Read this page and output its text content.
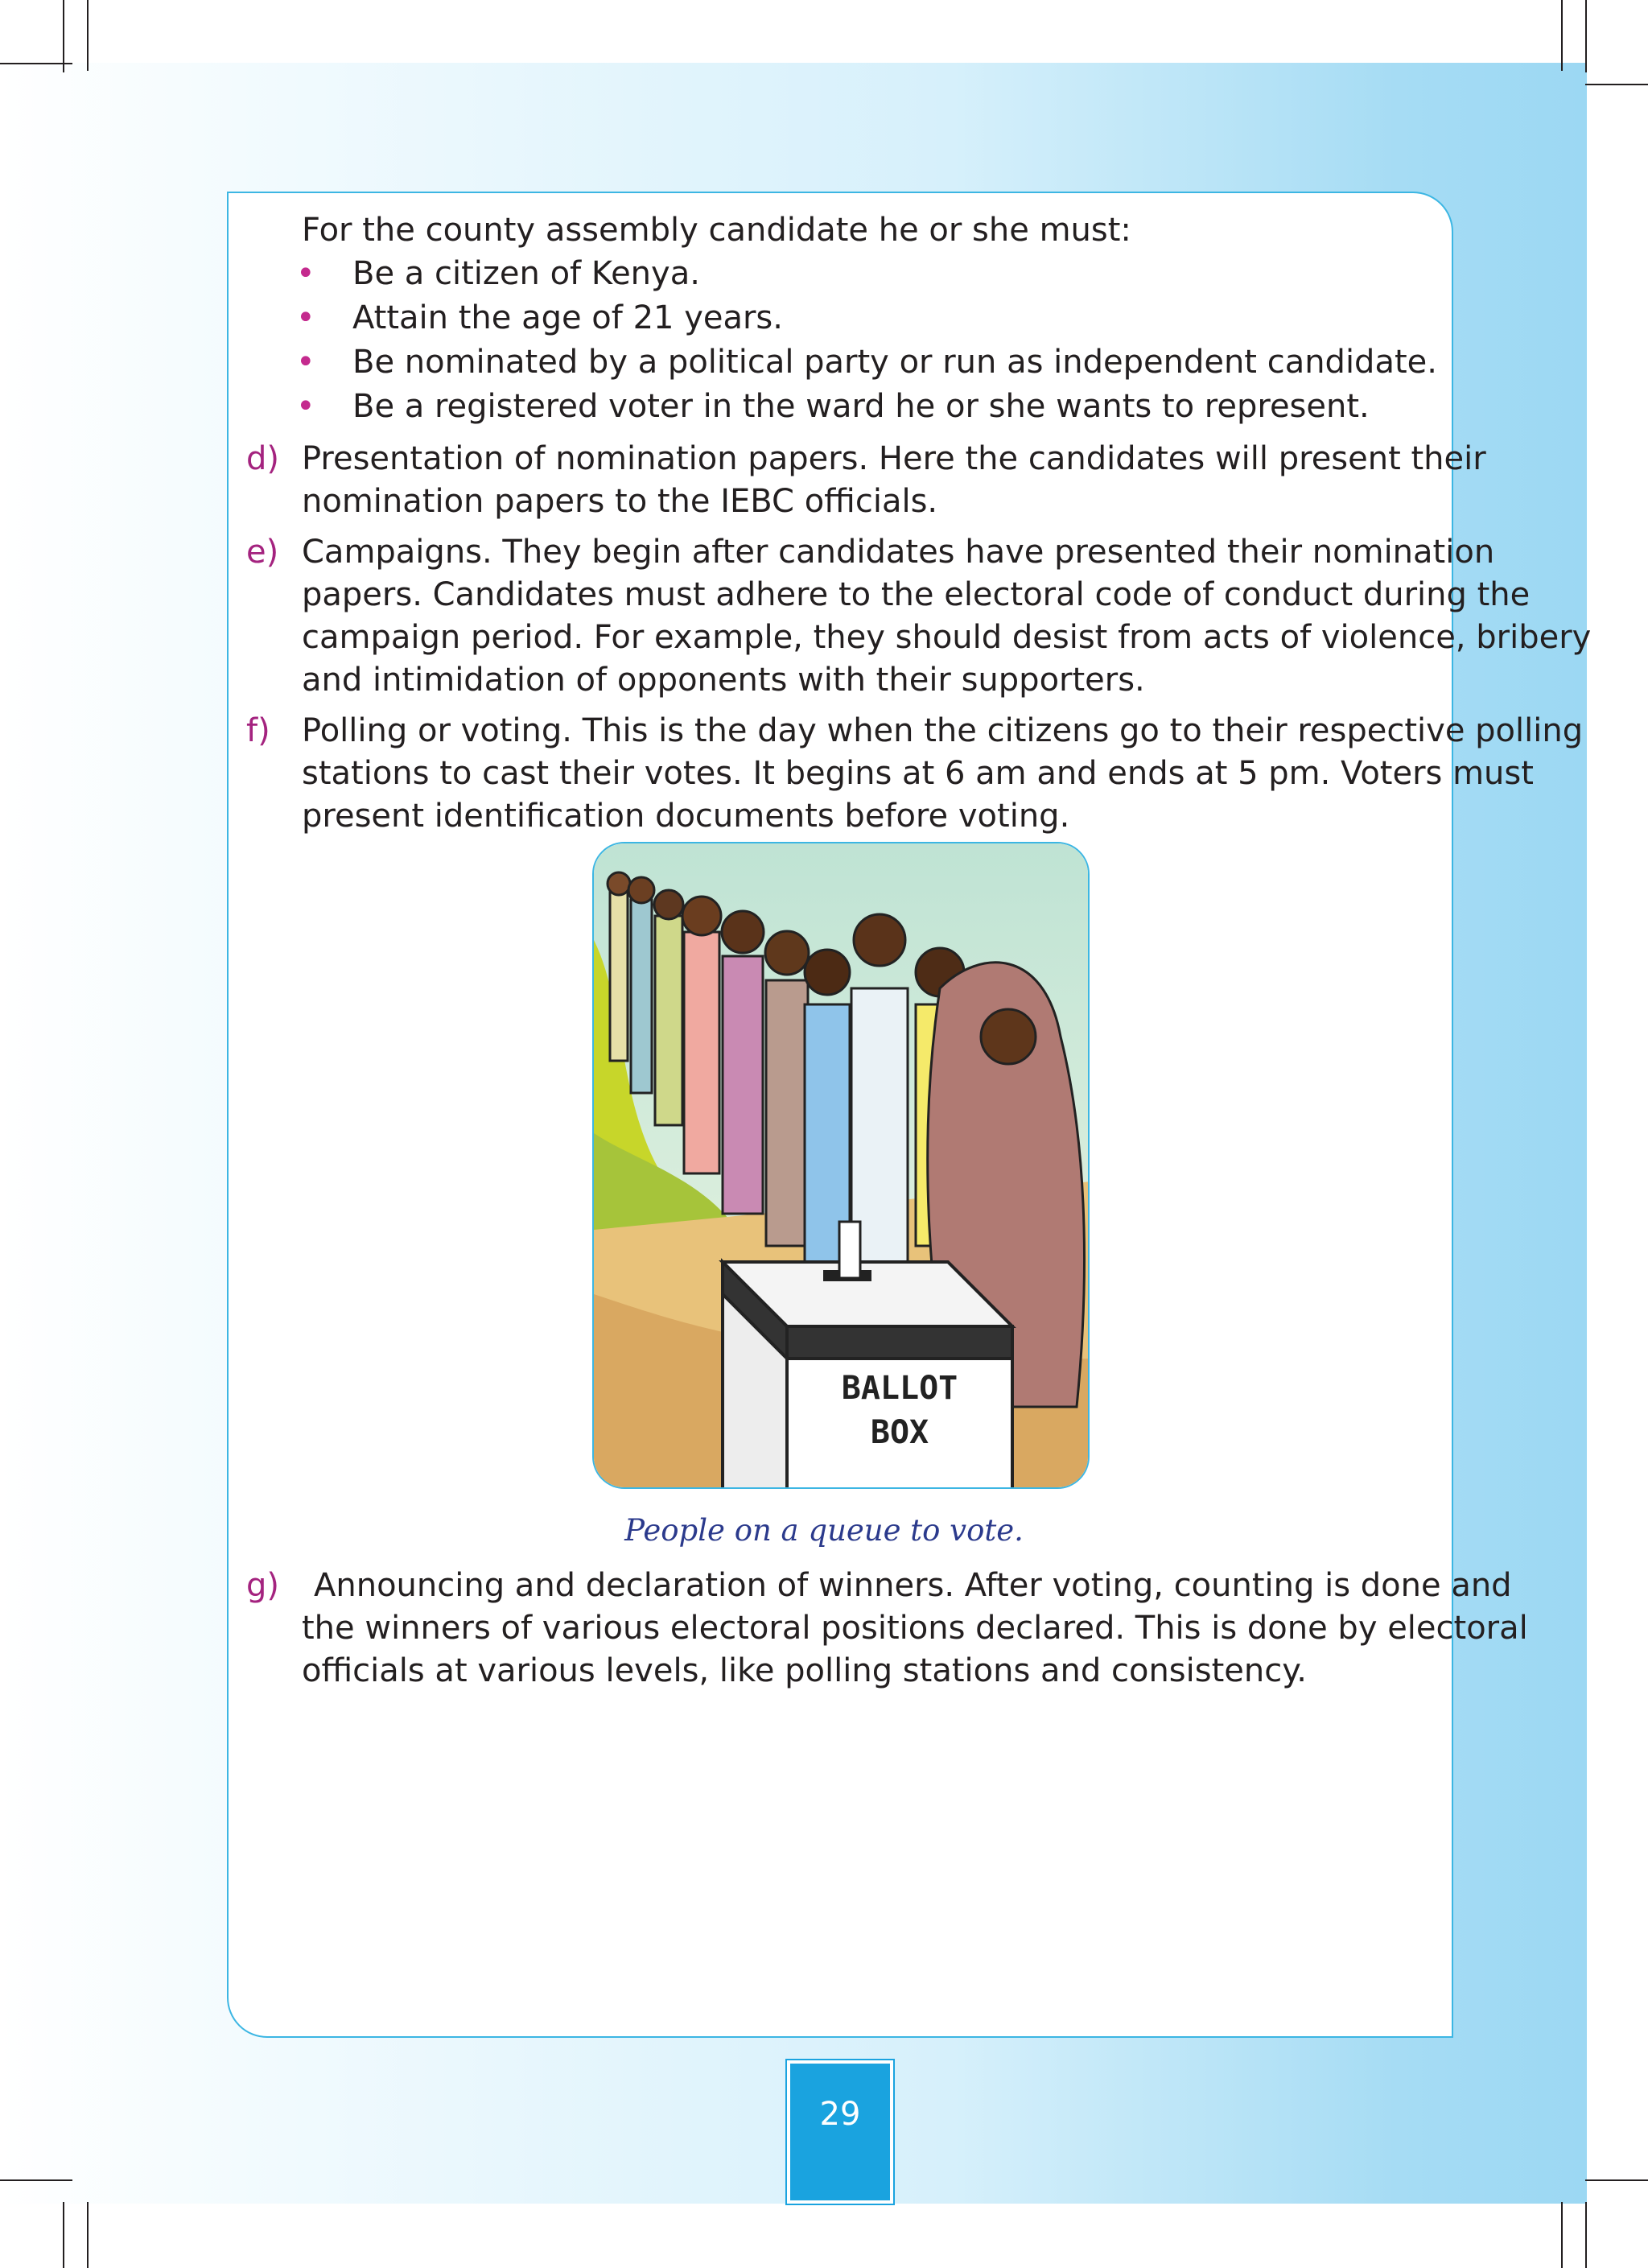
For the county assembly candidate he or she must:
• Be a citizen of Kenya.
• Attain the age of 21 years.
• Be nominated by a political party or run as independent candidate.
• Be a registered voter in the ward he or she wants to represent.
d) Presentation of nomination papers. Here the candidates will present their
nomination papers to the IEBC officials.
e) Campaigns. They begin after candidates have presented their nomination
papers. Candidates must adhere to the electoral code of conduct during the
campaign period. For example, they should desist from acts of violence, bribery
and intimidation of opponents with their supporters.
f) Polling or voting. This is the day when the citizens go to their respective polling
stations to cast their votes. It begins at 6 am and ends at 5 pm. Voters must
present identification documents before voting.
BALLOT
BOX
People on a queue to vote.
g) Announcing and declaration of winners. After voting, counting is done and
the winners of various electoral positions declared. This is done by electoral
officials at various levels, like polling stations and consistency.
29
